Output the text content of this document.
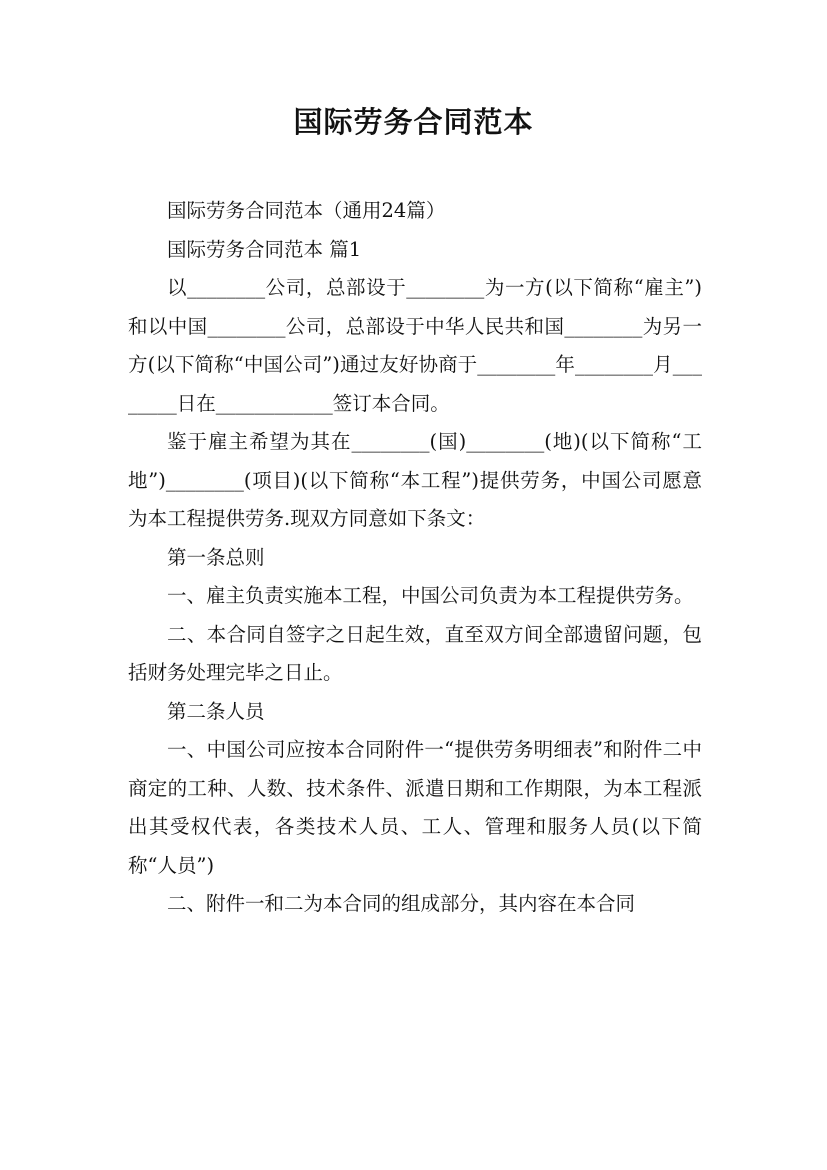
国际劳务合同范本

国际劳务合同范本（通用24篇）

国际劳务合同范本 篇1

以________公司，总部设于________为一方(以下简称“雇主”)和以中国________公司，总部设于中华人民共和国________为另一方(以下简称“中国公司”)通过友好协商于________年________月________日在____________签订本合同。

鉴于雇主希望为其在________(国)________(地)(以下简称“工地”)________(项目)(以下简称“本工程”)提供劳务，中国公司愿意为本工程提供劳务.现双方同意如下条文：

第一条总则

一、雇主负责实施本工程，中国公司负责为本工程提供劳务。

二、本合同自签字之日起生效，直至双方间全部遗留问题，包括财务处理完毕之日止。

第二条人员

一、中国公司应按本合同附件一“提供劳务明细表”和附件二中商定的工种、人数、技术条件、派遣日期和工作期限，为本工程派出其受权代表，各类技术人员、工人、管理和服务人员(以下简称“人员”)

二、附件一和二为本合同的组成部分，其内容在本合同
